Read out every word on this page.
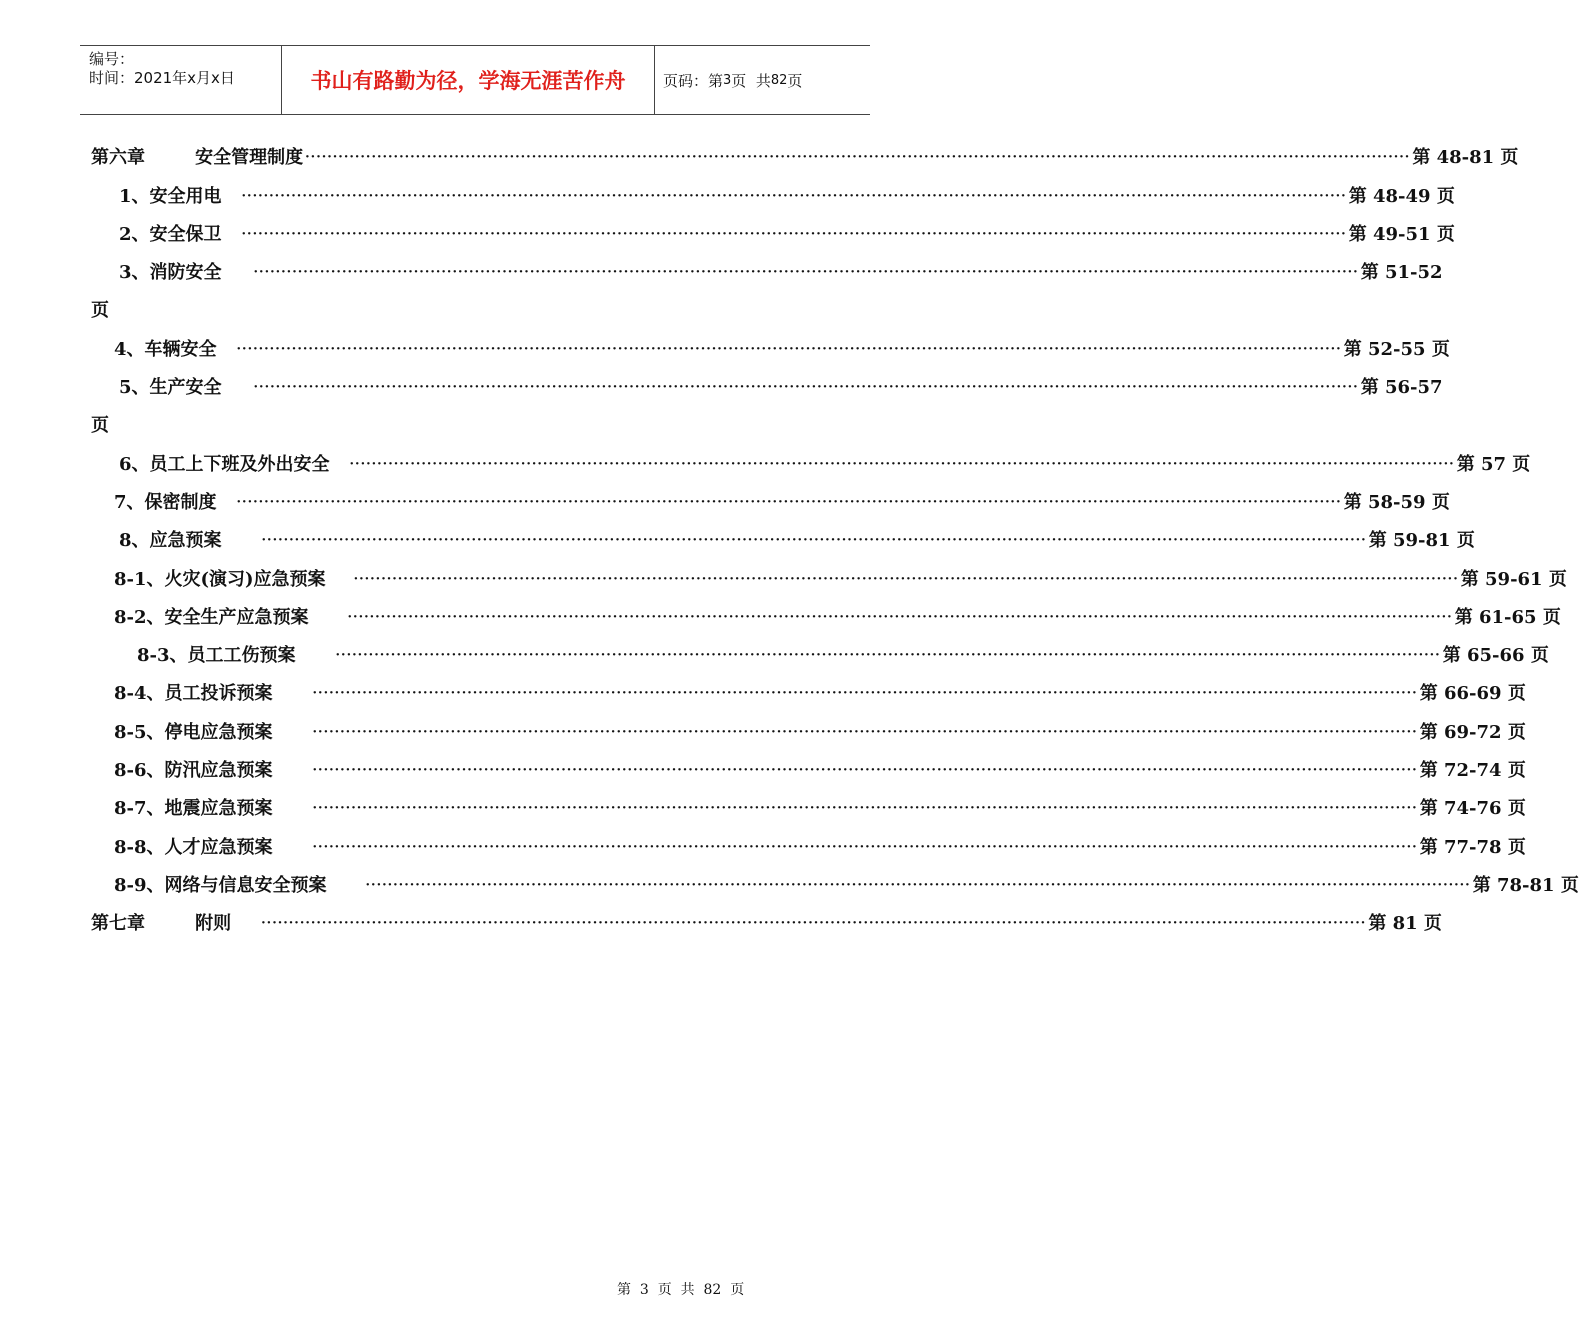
编号：
时间：2021年x月x日	书山有路勤为径，学海无涯苦作舟	页码：第 3 页  共 82 页
第六章        安全管理制度 ········································································································································································································ 第 48-81 页
1、安全用电 ········································································································································································································ 第 48-49 页
2、安全保卫 ········································································································································································································ 第 49-51 页
3、消防安全 ········································································································································································································ 第 51-52
页
4、车辆安全 ········································································································································································································ 第 52-55 页
5、生产安全 ········································································································································································································ 第 56-57
页
6、员工上下班及外出安全 ········································································································································································································ 第 57 页
7、保密制度 ········································································································································································································ 第 58-59 页
8、应急预案	········································································································································································································ 第 59-81 页
8-1、火灾(演习)应急预案 ········································································································································································································ 第 59-61 页
8-2、安全生产应急预案	········································································································································································································ 第 61-65 页
8-3、员工工伤预案	········································································································································································································ 第 65-66 页
8-4、员工投诉预案	········································································································································································································ 第 66-69 页
8-5、停电应急预案	········································································································································································································ 第 69-72 页
8-6、防汛应急预案	········································································································································································································ 第 72-74 页
8-7、地震应急预案	········································································································································································································ 第 74-76 页
8-8、人才应急预案	········································································································································································································ 第 77-78 页
8-9、网络与信息安全预案	········································································································································································································ 第 78-81 页
第七章        附则 ········································································································································································································ 第 81 页
第  3  页  共  82  页
